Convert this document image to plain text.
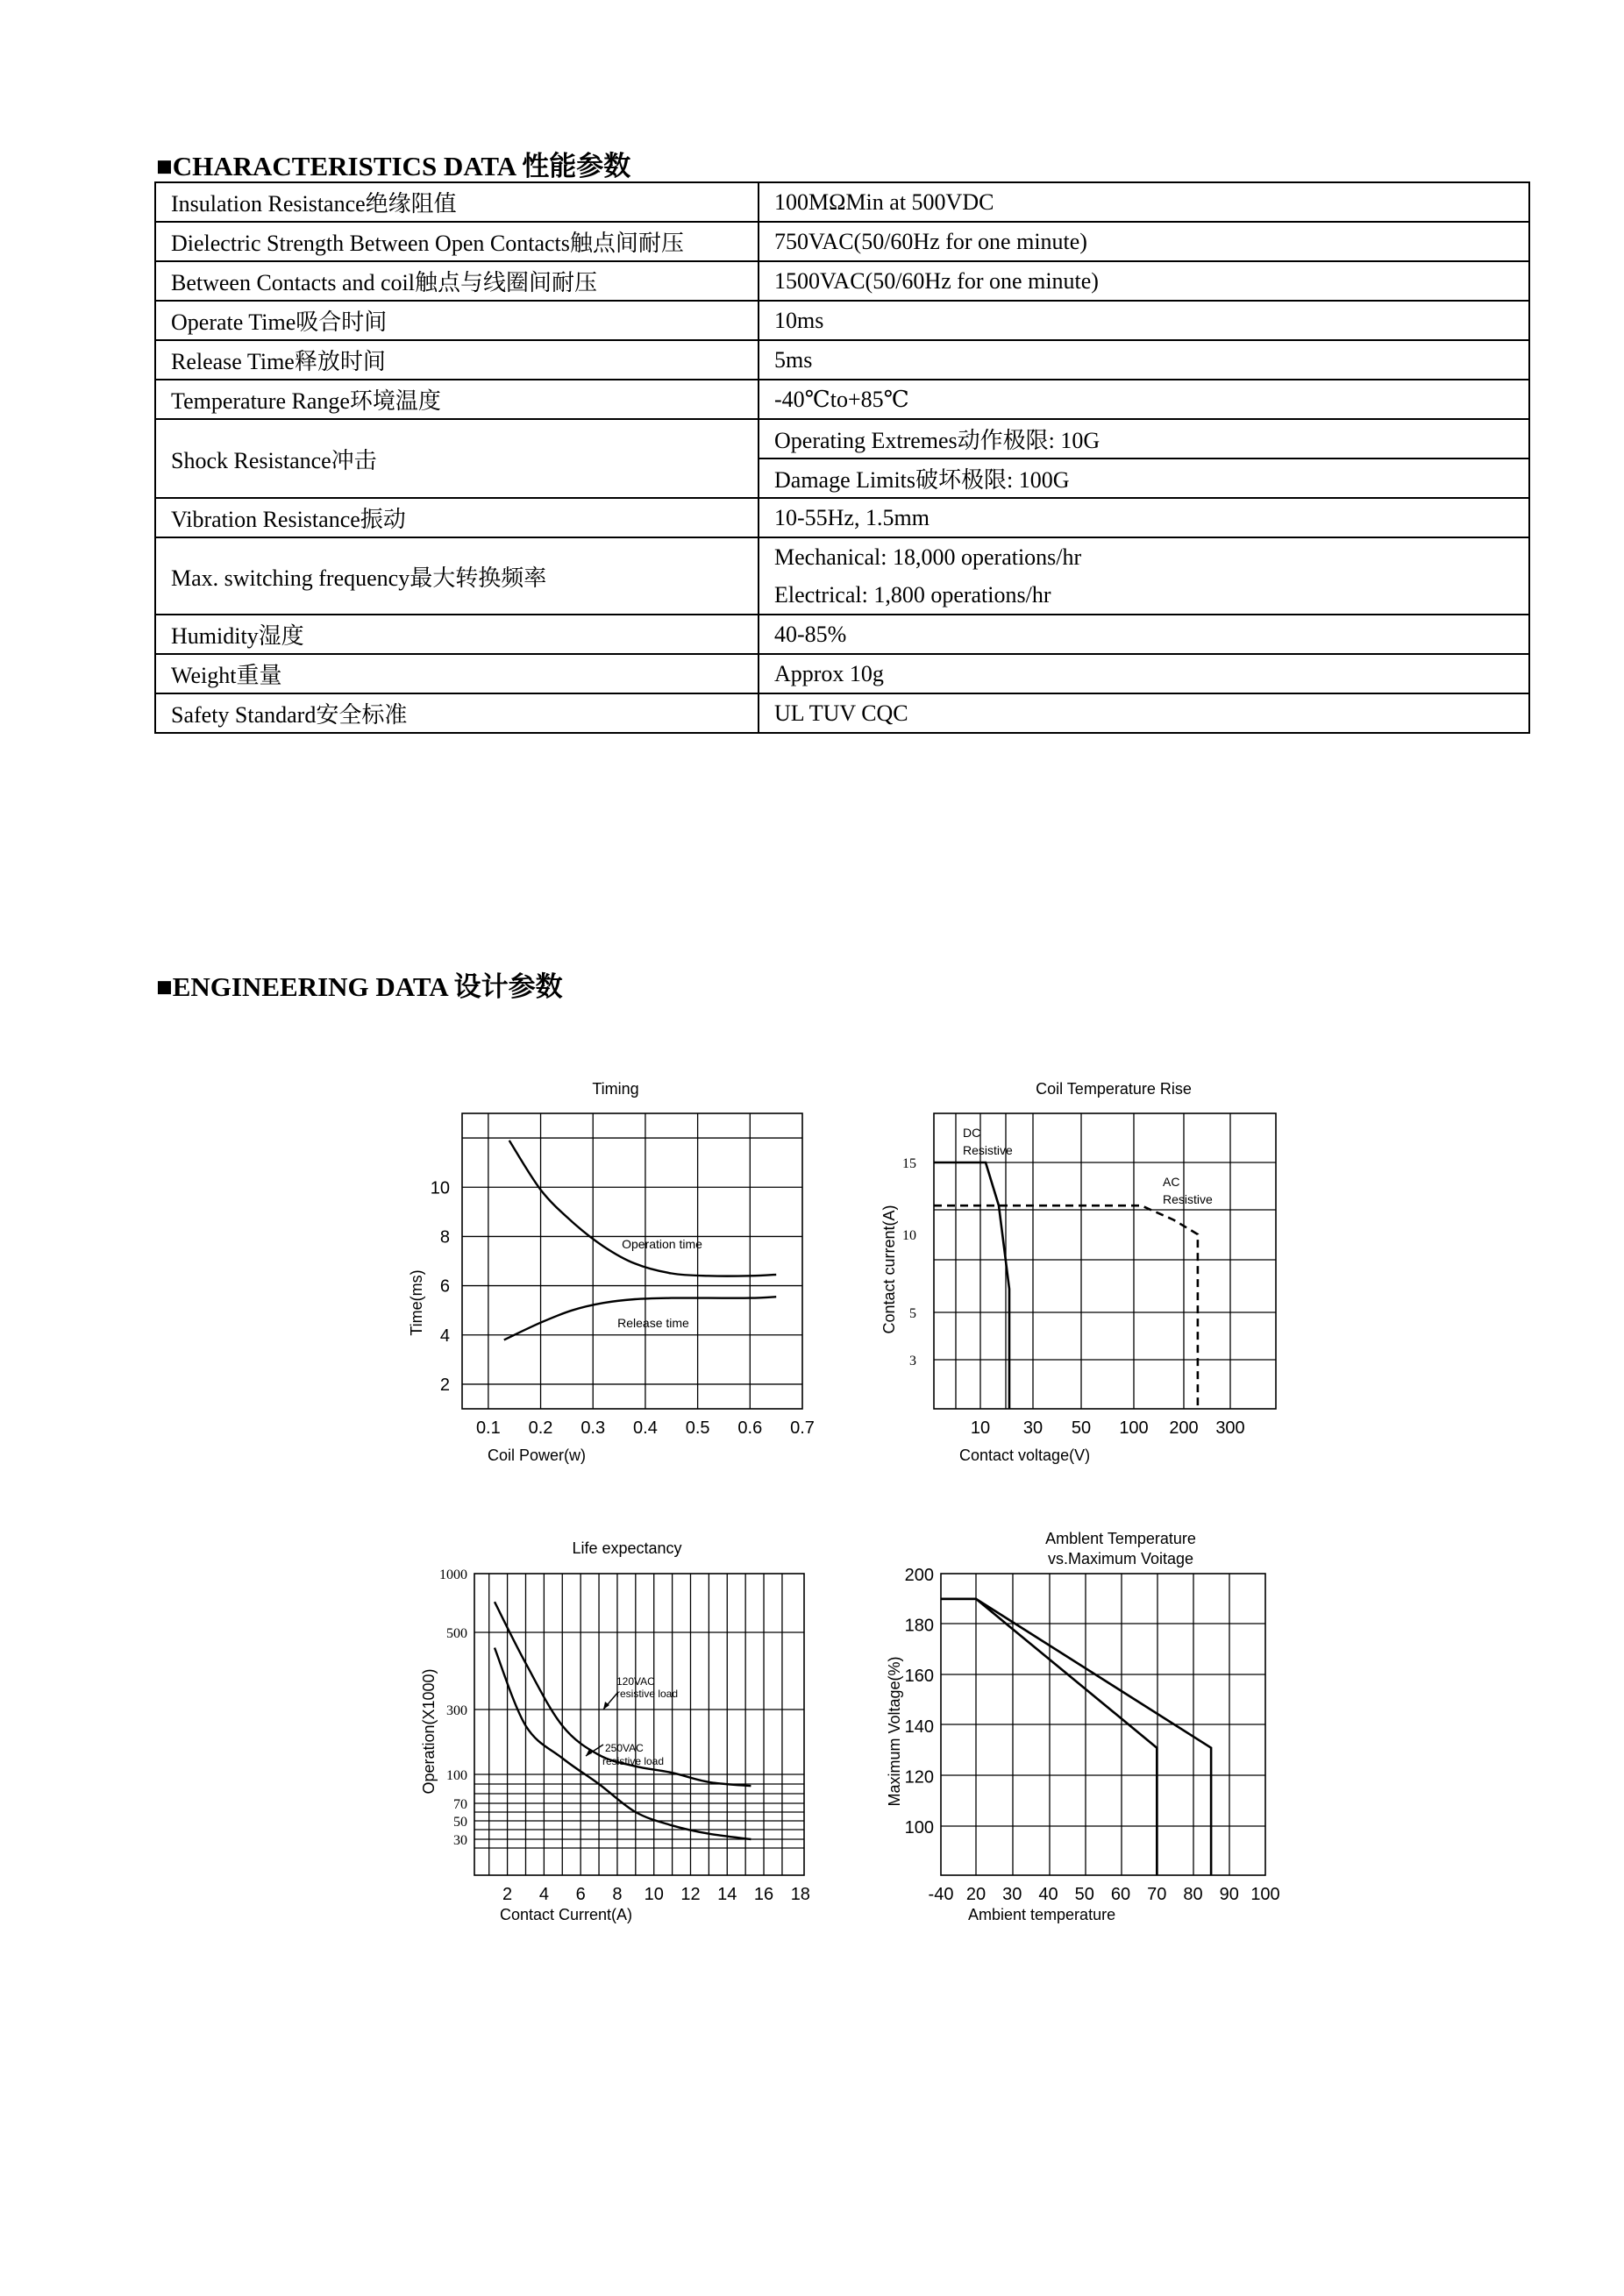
■CHARACTERISTICS DATA 性能参数
Insulation Resistance绝缘阻值	100MΩMin at 500VDC
Dielectric Strength Between Open Contacts触点间耐压	750VAC(50/60Hz for one minute)
Between Contacts and coil触点与线圈间耐压	1500VAC(50/60Hz for one minute)
Operate Time吸合时间	10ms
Release Time释放时间	5ms
Temperature Range环境温度	-40℃to+85℃
Shock Resistance冲击	Operating Extremes动作极限: 10G
	Damage Limits破坏极限: 100G
Vibration Resistance振动	10-55Hz, 1.5mm
Max. switching frequency最大转换频率	Mechanical: 18,000 operations/hr
Electrical: 1,800 operations/hr

Humidity湿度	40-85%
Weight重量	Approx 10g
Safety Standard安全标准	UL TUV CQC
■ENGINEERING DATA 设计参数
Timing
Coil Power(w)
Time(ms)
0.1 0.2 0.3 0.4 0.5 0.6 0.7
2
4
6
8
10
Operation time
Release time
Coil Temperature Rise
Contact voltage(V)
Contact current(A)
10 30 50 100 200 300
3
5
10
15
DC
Resistive
AC
Resistive
Life expectancy
Contact Current(A)
Operation(X1000)
2 4 6 8 10 12 14 16 18
30
50
70
100
300
500
1000
120VAC
resistive load
250VAC
resistive load
Amblent Temperature
vs.Maximum Voitage
Ambient temperature
Maximum Voltage(%)
-40 20 30 40 50 60 70 80 90 100
100
120
140
160
180
200
